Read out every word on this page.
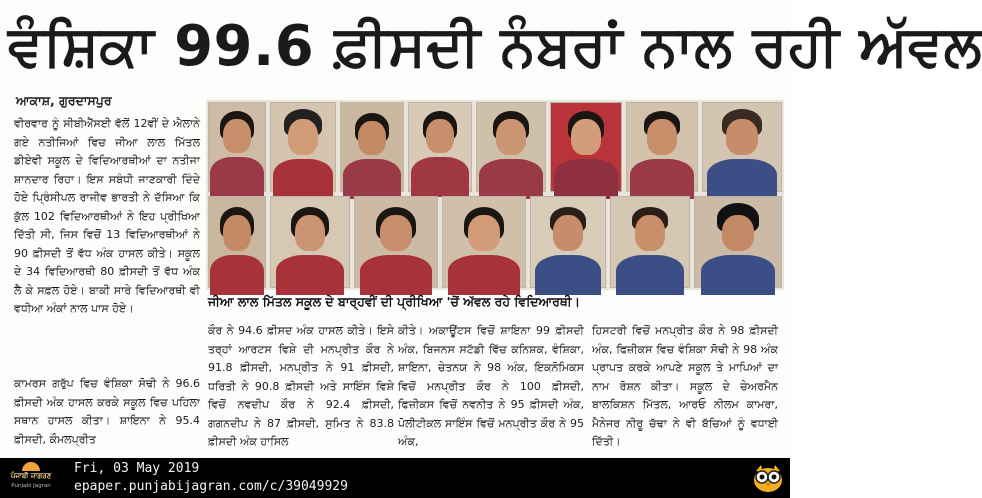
ਵੰਸ਼ਿਕਾ 99.6 ਫ਼ੀਸਦੀ ਨੰਬਰਾਂ ਨਾਲ ਰਹੀ ਅੱਵਲ
ਆਕਾਸ਼, ਗੁਰਦਾਸਪੁਰ
ਵੀਰਵਾਰ ਨੂੰ ਸੀਬੀਐੱਸਈ ਵੱਲੋਂ 12ਵੀਂ ਦੇ ਐਲਾਨੇ ਗਏ ਨਤੀਜਿਆਂ ਵਿਚ ਜੀਆ ਲਾਲ ਮਿੱਤਲ ਡੀਏਵੀ ਸਕੂਲ ਦੇ ਵਿਦਿਆਰਥੀਆਂ ਦਾ ਨਤੀਜਾ ਸ਼ਾਨਦਾਰ ਰਿਹਾ। ਇਸ ਸਬੰਧੀ ਜਾਣਕਾਰੀ ਦਿੰਦੇ ਹੋਏ ਪ੍ਰਿੰਸੀਪਲ ਰਾਜੀਵ ਭਾਰਤੀ ਨੇ ਦੱਸਿਆ ਕਿ ਕੁੱਲ 102 ਵਿਦਿਆਰਥੀਆਂ ਨੇ ਇਹ ਪ੍ਰੀਖਿਆ ਦਿੱਤੀ ਸੀ, ਜਿਸ ਵਿਚੋਂ 13 ਵਿਦਿਆਰਥੀਆਂ ਨੇ 90 ਫ਼ੀਸਦੀ ਤੋਂ ਵੱਧ ਅੰਕ ਹਾਸਲ ਕੀਤੇ। ਸਕੂਲ ਦੇ 34 ਵਿਦਿਆਰਥੀ 80 ਫ਼ੀਸਦੀ ਤੋਂ ਵੱਧ ਅੰਕ ਲੈ ਕੇ ਸਫ਼ਲ ਹੋਏ। ਬਾਕੀ ਸਾਰੇ ਵਿਦਿਆਰਥੀ ਵੀ ਵਧੀਆ ਅੰਕਾਂ ਨਾਲ ਪਾਸ ਹੋਏ।
ਕਾਮਰਸ ਗਰੁੱਪ ਵਿਚ ਵੰਸ਼ਿਕਾ ਸੋਢੀ ਨੇ 96.6 ਫ਼ੀਸਦੀ ਅੰਕ ਹਾਸਲ ਕਰਕੇ ਸਕੂਲ ਵਿਚ ਪਹਿਲਾ ਸਥਾਨ ਹਾਸਲ ਕੀਤਾ। ਸ਼ਾਇਨਾ ਨੇ 95.4 ਫ਼ੀਸਦੀ, ਕੌਮਲਪ੍ਰੀਤ
ਜੀਆ ਲਾਲ ਮਿੱਤਲ ਸਕੂਲ ਦੇ ਬਾਰ੍ਹਵੀਂ ਦੀ ਪ੍ਰੀਖਿਆ 'ਚੋਂ ਅੱਵਲ ਰਹੇ ਵਿਦਿਆਰਥੀ।
ਕੌਰ ਨੇ 94.6 ਫ਼ੀਸਦ ਅੰਕ ਹਾਸਲ ਕੀਤੇ। ਇਸੇ ਤਰ੍ਹਾਂ ਆਰਟਸ ਵਿਸ਼ੇ ਦੀ ਮਨਪ੍ਰੀਤ ਕੌਰ ਨੇ 91.8 ਫ਼ੀਸਦੀ, ਮਨਪ੍ਰੀਤ ਨੇ 91 ਫ਼ੀਸਦੀ, ਧਰਿਤੀ ਨੇ 90.8 ਫ਼ੀਸਦੀ ਅਤੇ ਸਾਇੰਸ ਵਿਸ਼ੇ ਵਿਚੋਂ ਨਵਦੀਪ ਕੌਰ ਨੇ 92.4 ਫ਼ੀਸਦੀ, ਗਗਨਦੀਪ ਨੇ 87 ਫ਼ੀਸਦੀ, ਸੁਮਿਤ ਨੇ 83.8 ਫ਼ੀਸਦੀ ਅੰਕ ਹਾਸਿਲ
ਕੀਤੇ। ਅਕਾਊਂਟਸ ਵਿਚੋਂ ਸ਼ਾਇਨਾ 99 ਫ਼ੀਸਦੀ ਅੰਕ, ਬਿਜਨਸ ਸਟੱਡੀ ਵਿੱਚ ਕਨਿਸ਼ਕ, ਵੰਸ਼ਿਕਾ, ਸ਼ਾਇਨਾ, ਚੇਤਨਯ ਨੇ 98 ਅੰਕ, ਇਕਨੋਮਿਕਸ ਵਿਚੋਂ ਮਨਪ੍ਰੀਤ ਕੌਰ ਨੇ 100 ਫ਼ੀਸਦੀ, ਫਿਜ਼ੀਕਸ ਵਿਚੋਂ ਨਵਨੀਤ ਨੇ 95 ਫ਼ੀਸਦੀ ਅੰਕ, ਪੋਲੀਟੀਕਲ ਸਾਇੰਸ ਵਿਚੋਂ ਮਨਪ੍ਰੀਤ ਕੌਰ ਨੇ 95 ਅੰਕ,
ਹਿਸਟਰੀ ਵਿਚੋਂ ਮਨਪ੍ਰੀਤ ਕੌਰ ਨੇ 98 ਫ਼ੀਸਦੀ ਅੰਕ, ਫਿਜ਼ੀਕਸ ਵਿਚ ਵੰਸ਼ਿਕਾ ਸੋਢੀ ਨੇ 98 ਅੰਕ ਪ੍ਰਾਪਤ ਕਰਕੇ ਆਪਣੇ ਸਕੂਲ ਤੇ ਮਾਪਿਆਂ ਦਾ ਨਾਮ ਰੋਸ਼ਨ ਕੀਤਾ। ਸਕੂਲ ਦੇ ਚੇਅਰਮੈਨ ਬਾਲਕਿਸ਼ਨ ਮਿੱਤਲ, ਆਰਓ ਨੀਲਮ ਕਾਮਰਾ, ਮੈਨੇਜਰ ਨੀਰੂ ਚੱਢਾ ਨੇ ਵੀ ਬੱਚਿਆਂ ਨੂੰ ਵਧਾਈ ਦਿੱਤੀ।
ਪੰਜਾਬੀ ਜਾਗਰਣ
Punjabi Jagran
Fri, 03 May 2019
epaper.punjabijagran.com/c/39049929
